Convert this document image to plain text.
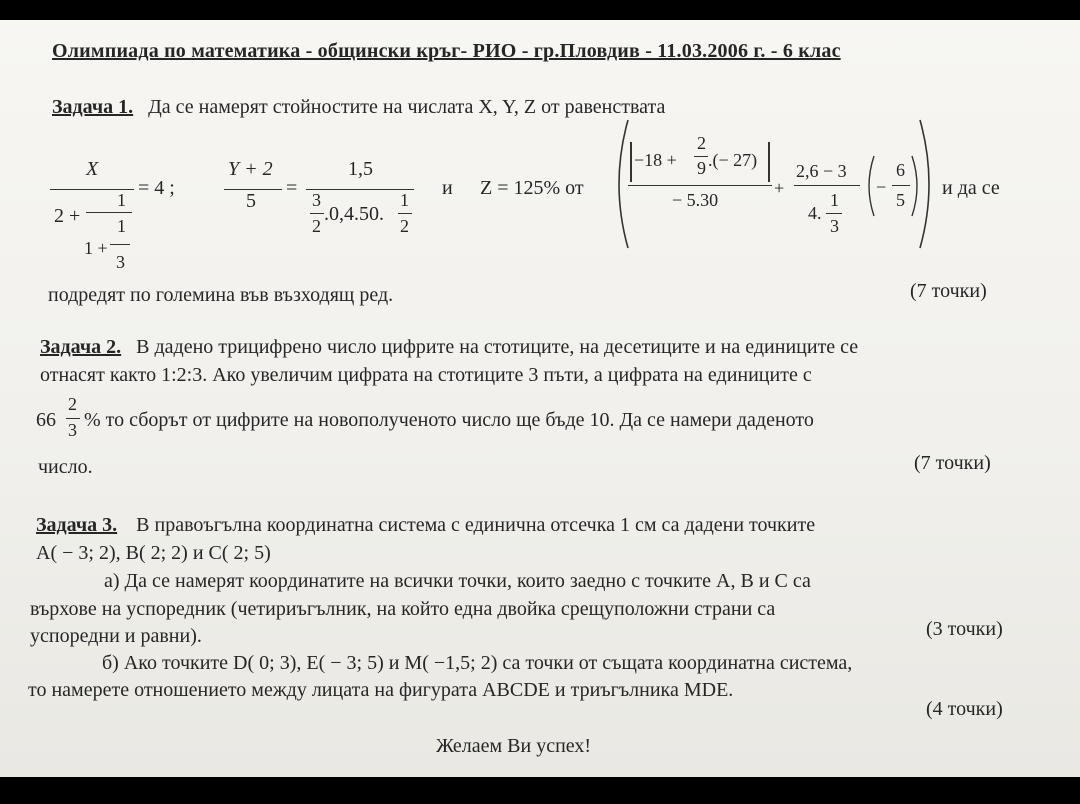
Олимпиада по математика - общински кръг- РИО - гр.Пловдив - 11.03.2006 г. - 6 клас
Задача 1. Да се намерят стойностите на числата X, Y, Z от равенствата
X
= 4 ;
2 +
1
1
1 +
3
Y + 2
5
=
1,5
3
2
.0,4.50.
1
2
и Z = 125% от
−18 +
2
9 .(− 27)
− 5.30
+
2,6 − 3
4.
1
3
−
6
5
и да се
подредят по големина във възходящ ред.	(7 точки)
Задача 2. В дадено трицифрено число цифрите на стотиците, на десетиците и на единиците се
отнасят както 1:2:3. Ако увеличим цифрата на стотиците 3 пъти, а цифрата на единиците с
66
2
3 % то сборът от цифрите на новополученото число ще бъде 10. Да се намери даденото
число.	(7 точки)
Задача 3. В правоъгълна координатна система с единична отсечка 1 см са дадени точките
A( − 3; 2), B( 2; 2) и C( 2; 5)
а) Да се намерят координатите на всички точки, които заедно с точките A, B и C са
върхове на успоредник (четириъгълник, на който една двойка срещуположни страни са
успоредни и равни).	(3 точки)
б) Ако точките D( 0; 3), E( − 3; 5) и M( −1,5; 2) са точки от същата координатна система,
то намерете отношението между лицата на фигурата ABCDE и триъгълника MDE.
(4 точки)
Желаем Ви успех!
